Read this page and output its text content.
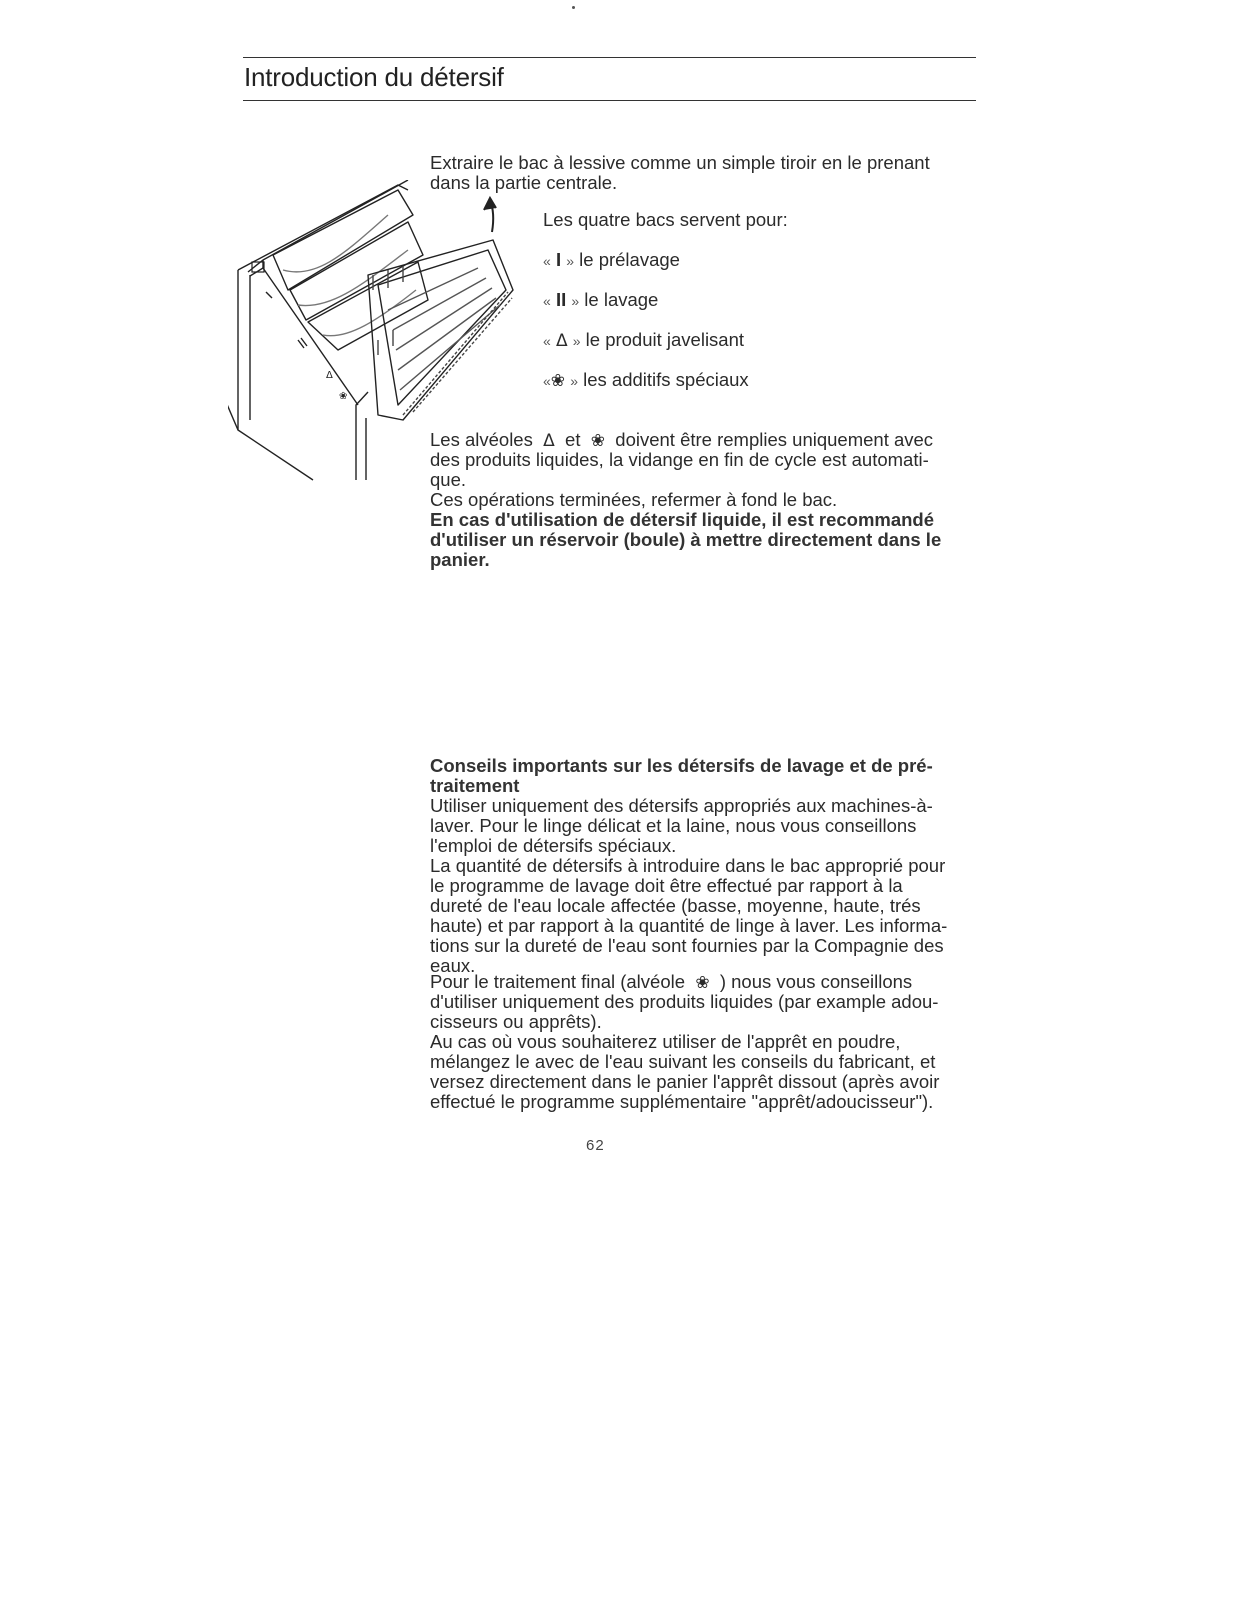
Introduction du détersif
Extraire le bac à lessive comme un simple tiroir en le prenant
dans la partie centrale.
Δ
❀
Les quatre bacs servent pour:
« I » le prélavage
« II » le lavage
« Δ » le produit javelisant
«❀ » les additifs spéciaux
Les alvéoles Δ et ❀ doivent être remplies uniquement avec
des produits liquides, la vidange en fin de cycle est automati-
que.
Ces opérations terminées, refermer à fond le bac.
En cas d'utilisation de détersif liquide, il est recommandé
d'utiliser un réservoir (boule) à mettre directement dans le
panier.
Conseils importants sur les détersifs de lavage et de pré-
traitement
Utiliser uniquement des détersifs appropriés aux machines-à-
laver. Pour le linge délicat et la laine, nous vous conseillons
l'emploi de détersifs spéciaux.
La quantité de détersifs à introduire dans le bac approprié pour
le programme de lavage doit être effectué par rapport à la
dureté de l'eau locale affectée (basse, moyenne, haute, trés
haute) et par rapport à la quantité de linge à laver. Les informa-
tions sur la dureté de l'eau sont fournies par la Compagnie des
eaux.
Pour le traitement final (alvéole ❀ ) nous vous conseillons
d'utiliser uniquement des produits liquides (par example adou-
cisseurs ou apprêts).
Au cas où vous souhaiterez utiliser de l'apprêt en poudre,
mélangez le avec de l'eau suivant les conseils du fabricant, et
versez directement dans le panier l'apprêt dissout (après avoir
effectué le programme supplémentaire "apprêt/adoucisseur").
62
